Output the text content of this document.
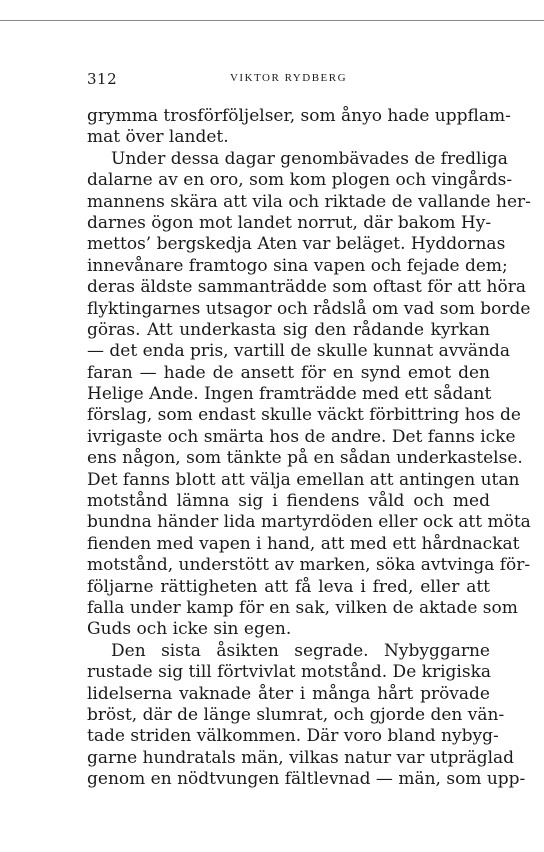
312	VIKTOR RYDBERG
grymma trosförföljelser, som ånyo hade uppflam-
mat över landet.
Under dessa dagar genombävades de fredliga
dalarne av en oro, som kom plogen och vingårds-
mannens skära att vila och riktade de vallande her-
darnes ögon mot landet norrut, där bakom Hy-
mettos’ bergskedja Aten var beläget. Hyddornas
innevånare framtogo sina vapen och fejade dem;
deras äldste sammanträdde som oftast för att höra
flyktingarnes utsagor och rådslå om vad som borde
göras. Att underkasta sig den rådande kyrkan
— det enda pris, vartill de skulle kunnat avvända
faran — hade de ansett för en synd emot den
Helige Ande. Ingen framträdde med ett sådant
förslag, som endast skulle väckt förbittring hos de
ivrigaste och smärta hos de andre. Det fanns icke
ens någon, som tänkte på en sådan underkastelse.
Det fanns blott att välja emellan att antingen utan
motstånd lämna sig i fiendens våld och med
bundna händer lida martyrdöden eller ock att möta
fienden med vapen i hand, att med ett hårdnackat
motstånd, understött av marken, söka avtvinga för-
följarne rättigheten att få leva i fred, eller att
falla under kamp för en sak, vilken de aktade som
Guds och icke sin egen.
Den sista åsikten segrade. Nybyggarne
rustade sig till förtvivlat motstånd. De krigiska
lidelserna vaknade åter i många hårt prövade
bröst, där de länge slumrat, och gjorde den vän-
tade striden välkommen. Där voro bland nybyg-
garne hundratals män, vilkas natur var utpräglad
genom en nödtvungen fältlevnad — män, som upp-
